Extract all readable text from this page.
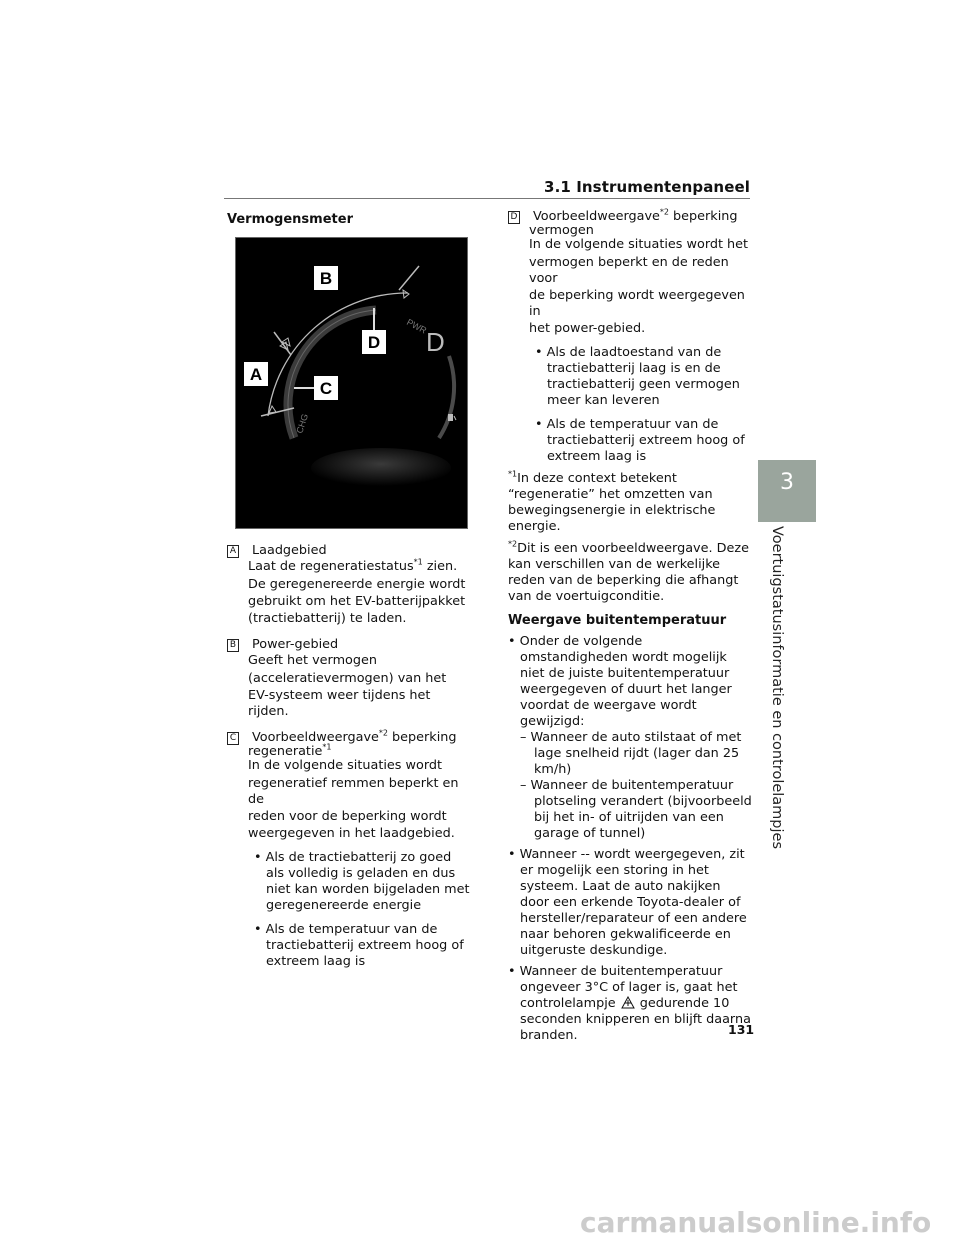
3.1 Instrumentenpaneel
3
Voertuigstatusinformatie en controlelampjes
Vermogensmeter
B
D
A
C
PWR
D
CHG
A Laadgebied

Laat de regeneratiestatus$^{*1}$ zien.

De geregenereerde energie wordt

gebruikt om het EV-batterijpakket

(tractiebatterij) te laden.

B Power-gebied

Geeft het vermogen

(acceleratievermogen) van het

EV-systeem weer tijdens het rijden.

C Voorbeeldweergave$^{*2}$ beperking

regeneratie$^{*1}$

In de volgende situaties wordt

regeneratief remmen beperkt en de

reden voor de beperking wordt

weergegeven in het laadgebied.

• Als de tractiebatterij zo goed als volledig is geladen en dus niet kan worden bijgeladen met geregenereerde energie
• Als de temperatuur van de tractiebatterij extreem hoog of extreem laag is
D Voorbeeldweergave$^{*2}$ beperking

vermogen

In de volgende situaties wordt het

vermogen beperkt en de reden voor

de beperking wordt weergegeven in

het power-gebied.

• Als de laadtoestand van de tractiebatterij laag is en de tractiebatterij geen vermogen meer kan leveren
• Als de temperatuur van de tractiebatterij extreem hoog of extreem laag is

$^{*1}$In deze context betekent “regeneratie” het omzetten van bewegingsenergie in elektrische energie.

$^{*2}$Dit is een voorbeeldweergave. Deze kan verschillen van de werkelijke reden van de beperking die afhangt van de voertuigconditie.

Weergave buitentemperatuur
• Onder de volgende omstandigheden wordt mogelijk niet de juiste buitentemperatuur weergegeven of duurt het langer voordat de weergave wordt gewijzigd:
– Wanneer de auto stilstaat of met lage snelheid rijdt (lager dan 25 km/h)
– Wanneer de buitentemperatuur plotseling verandert (bijvoorbeeld bij het in- of uitrijden van een garage of tunnel)
• Wanneer -- wordt weergegeven, zit er mogelijk een storing in het systeem. Laat de auto nakijken door een erkende Toyota-dealer of hersteller/reparateur of een andere naar behoren gekwalificeerde en uitgeruste deskundige.
• Wanneer de buitentemperatuur ongeveer 3°C of lager is, gaat het controlelampje  gedurende 10 seconden knipperen en blijft daarna branden.	131
carmanualsonline.info
